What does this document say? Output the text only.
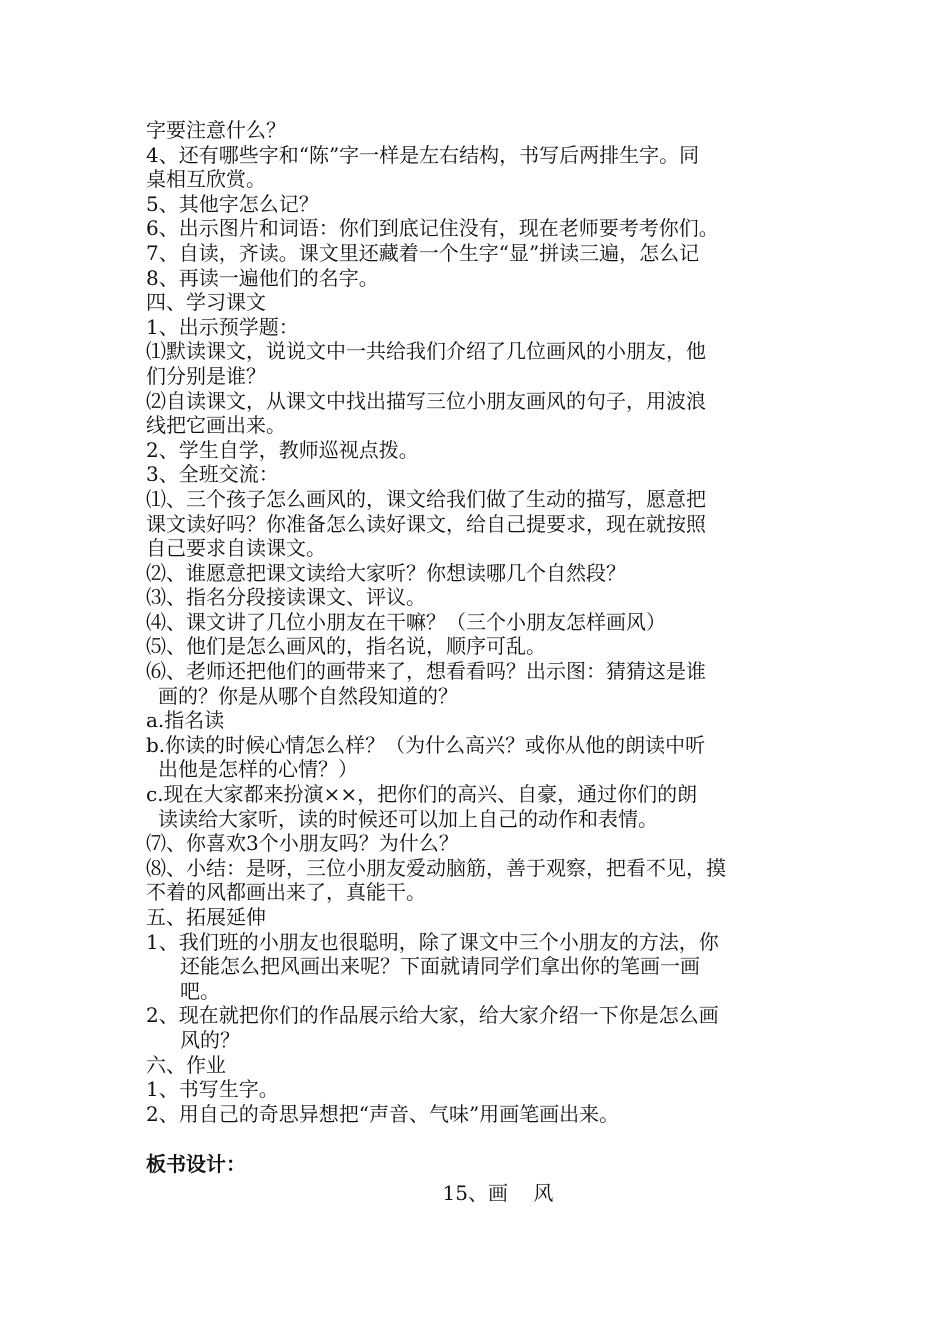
字要注意什么？
4、还有哪些字和“陈”字一样是左右结构，书写后两排生字。同
桌相互欣赏。
5、其他字怎么记？
6、出示图片和词语：你们到底记住没有，现在老师要考考你们。
7、自读，齐读。课文里还藏着一个生字“显”拼读三遍，怎么记
8、再读一遍他们的名字。
四、学习课文
1、出示预学题：
⑴默读课文，说说文中一共给我们介绍了几位画风的小朋友，他
们分别是谁？
⑵自读课文，从课文中找出描写三位小朋友画风的句子，用波浪
线把它画出来。
2、学生自学，教师巡视点拨。
3、全班交流：
⑴、三个孩子怎么画风的，课文给我们做了生动的描写，愿意把
课文读好吗？你准备怎么读好课文，给自己提要求，现在就按照
自己要求自读课文。
⑵、谁愿意把课文读给大家听？你想读哪几个自然段？
⑶、指名分段接读课文、评议。
⑷、课文讲了几位小朋友在干嘛？（三个小朋友怎样画风）
⑸、他们是怎么画风的，指名说，顺序可乱。
⑹、老师还把他们的画带来了，想看看吗？出示图：猜猜这是谁
画的？你是从哪个自然段知道的？
a.指名读
b.你读的时候心情怎么样？（为什么高兴？或你从他的朗读中听
出他是怎样的心情？）
c.现在大家都来扮演××，把你们的高兴、自豪，通过你们的朗
读读给大家听，读的时候还可以加上自己的动作和表情。
⑺、你喜欢3个小朋友吗？为什么？
⑻、小结：是呀，三位小朋友爱动脑筋，善于观察，把看不见，摸
不着的风都画出来了，真能干。
五、拓展延伸
1、我们班的小朋友也很聪明，除了课文中三个小朋友的方法，你
还能怎么把风画出来呢？下面就请同学们拿出你的笔画一画
吧。
2、现在就把你们的作品展示给大家，给大家介绍一下你是怎么画
风的？
六、作业
1、书写生字。
2、用自己的奇思异想把“声音、气味”用画笔画出来。
板书设计：
15、画    风
